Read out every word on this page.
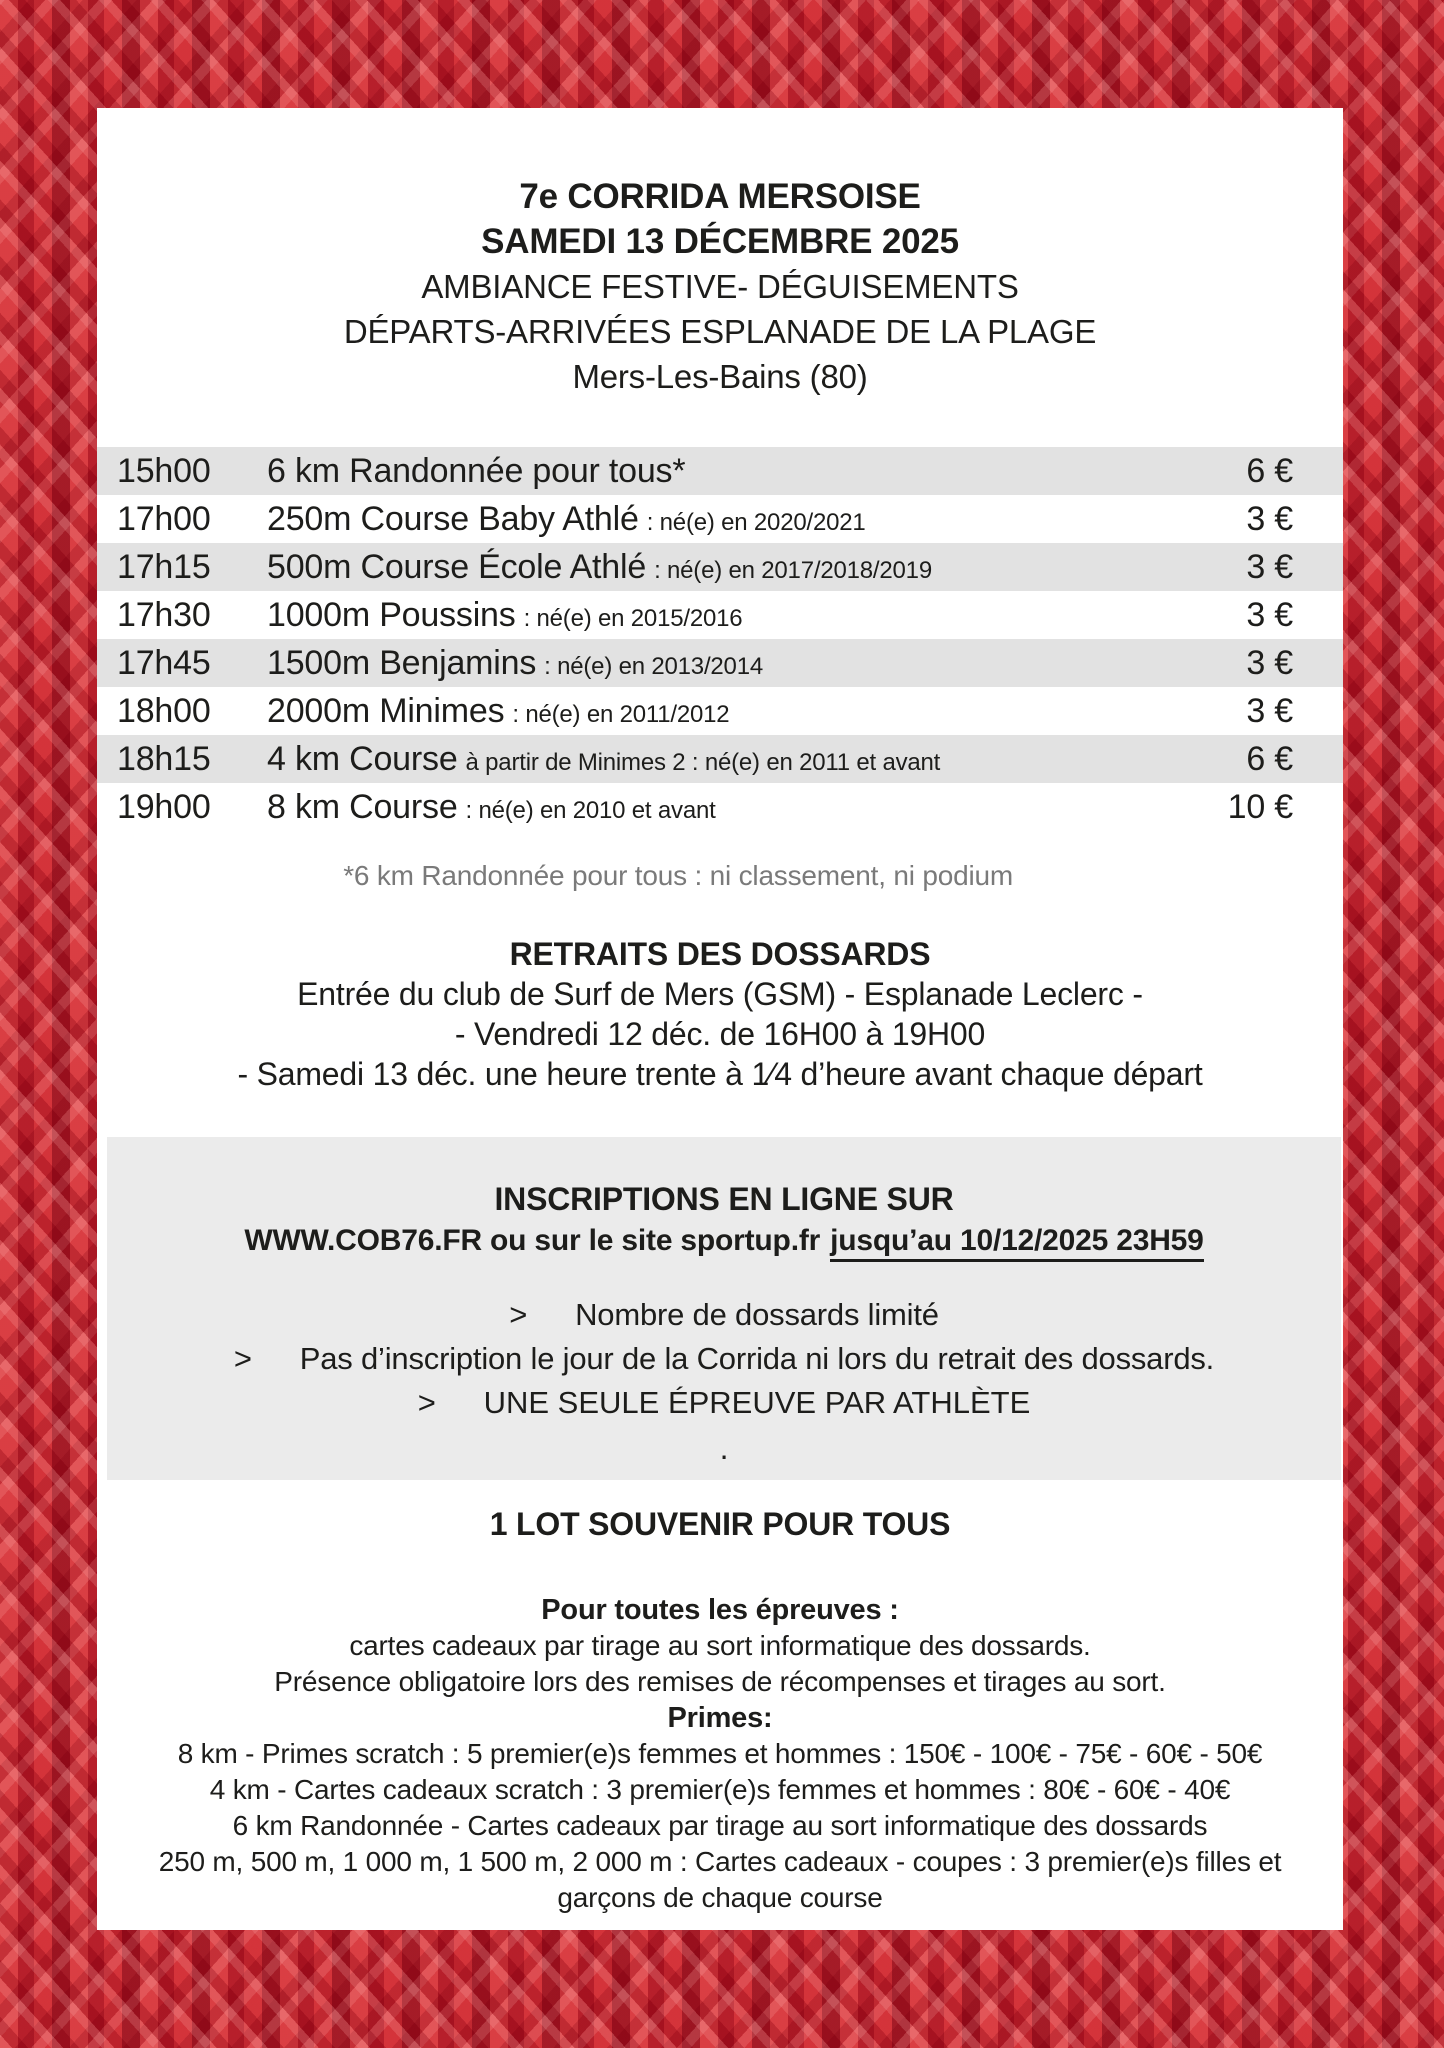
7e CORRIDA MERSOISE
SAMEDI 13 DÉCEMBRE 2025
AMBIANCE FESTIVE- DÉGUISEMENTS
DÉPARTS-ARRIVÉES ESPLANADE DE LA PLAGE
Mers-Les-Bains (80)
15h00	6 km Randonnée pour tous*	6 €
17h00	250m Course Baby Athlé : né(e) en 2020/2021	3 €
17h15	500m Course École Athlé : né(e) en 2017/2018/2019	3 €
17h30	1000m Poussins : né(e) en 2015/2016	3 €
17h45	1500m Benjamins : né(e) en 2013/2014	3 €
18h00	2000m Minimes : né(e) en 2011/2012	3 €
18h15	4 km Course à partir de Minimes 2 : né(e) en 2011 et avant	6 €
19h00	8 km Course : né(e) en 2010 et avant	10 €
*6 km Randonnée pour tous : ni classement, ni podium
RETRAITS DES DOSSARDS
Entrée du club de Surf de Mers (GSM) - Esplanade Leclerc -
- Vendredi 12 déc. de 16H00 à 19H00
- Samedi 13 déc. une heure trente à 1⁄4 d’heure avant chaque départ
INSCRIPTIONS EN LIGNE SUR
WWW.COB76.FR ou sur le site sportup.fr jusqu’au 10/12/2025 23H59
> Nombre de dossards limité
> Pas d’inscription le jour de la Corrida ni lors du retrait des dossards.
> UNE SEULE ÉPREUVE PAR ATHLÈTE
.
1 LOT SOUVENIR POUR TOUS
Pour toutes les épreuves :
cartes cadeaux par tirage au sort informatique des dossards.
Présence obligatoire lors des remises de récompenses et tirages au sort.
Primes:
8 km - Primes scratch : 5 premier(e)s femmes et hommes : 150€ - 100€ - 75€ - 60€ - 50€
4 km - Cartes cadeaux scratch : 3 premier(e)s femmes et hommes : 80€ - 60€ - 40€
6 km Randonnée - Cartes cadeaux par tirage au sort informatique des dossards
250 m, 500 m, 1 000 m, 1 500 m, 2 000 m : Cartes cadeaux - coupes : 3 premier(e)s filles et
garçons de chaque course
